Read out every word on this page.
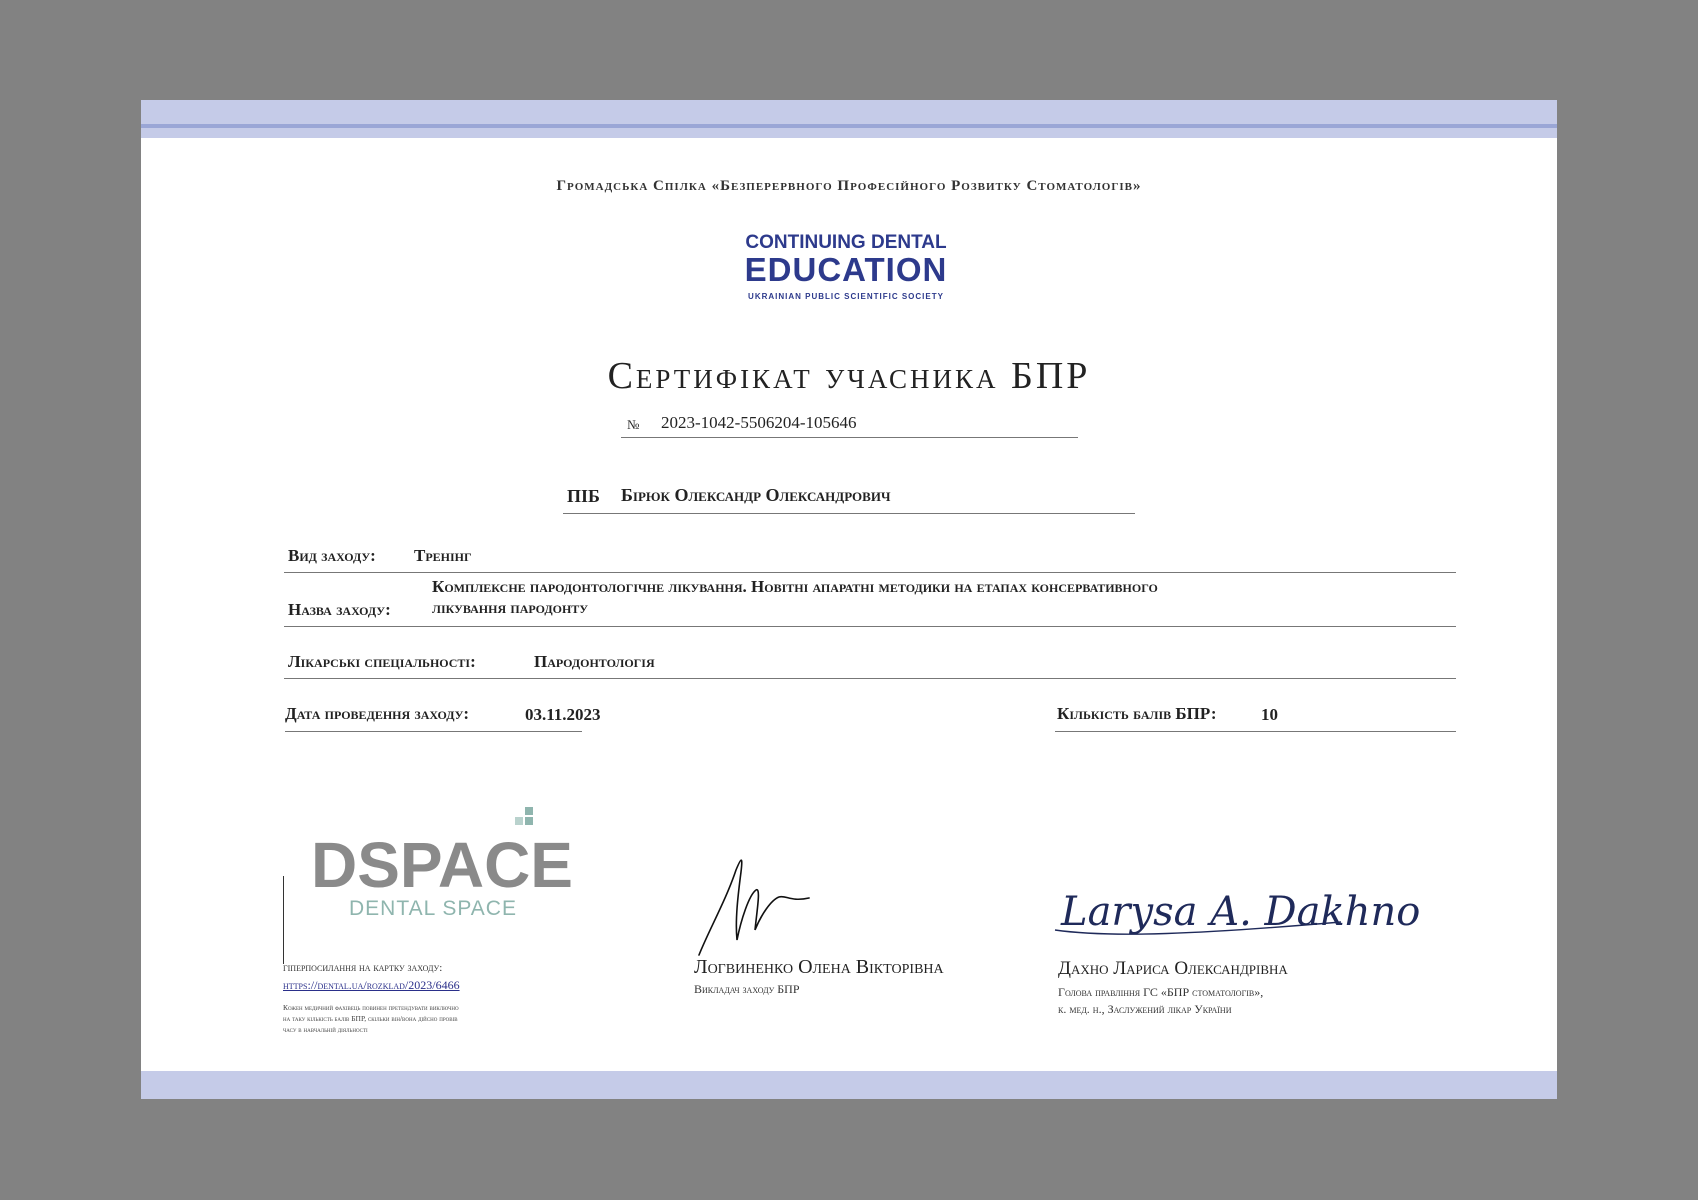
Громадська Спілка «Безперервного Професійного Розвитку Стоматологів»
CONTINUING DENTAL
EDUCATION
UKRAINIAN PUBLIC SCIENTIFIC SOCIETY
Сертифікат учасника БПР
№ 2023-1042-5506204-105646
ПІБ Бірюк Олександр Олександрович
Вид заходу: Тренінг
Назва заходу:
Комплексне пародонтологічне лікування. Новітні апаратні методики на етапах консервативного
лікування пародонту
Лікарські спеціальності:	Пародонтологія
Дата проведення заходу:	03.11.2023	Кількість балів БПР:	10
DSPACE
DENTAL SPACE
гіперпосилання на картку заходу:
https://dental.ua/rozklad/2023/6466
Кожен медичний фахівець повинен претендувати виключно
на таку кількість балів БПР, скільки він/вона дійсно провів
часу в навчальній діяльності
Логвиненко Олена Вікторівна
Викладач заходу БПР
Larysa A. Dakhno
Дахно Лариса Олександрівна
Голова правління ГС «БПР стоматологів»,
к. мед. н., Заслужений лікар України
